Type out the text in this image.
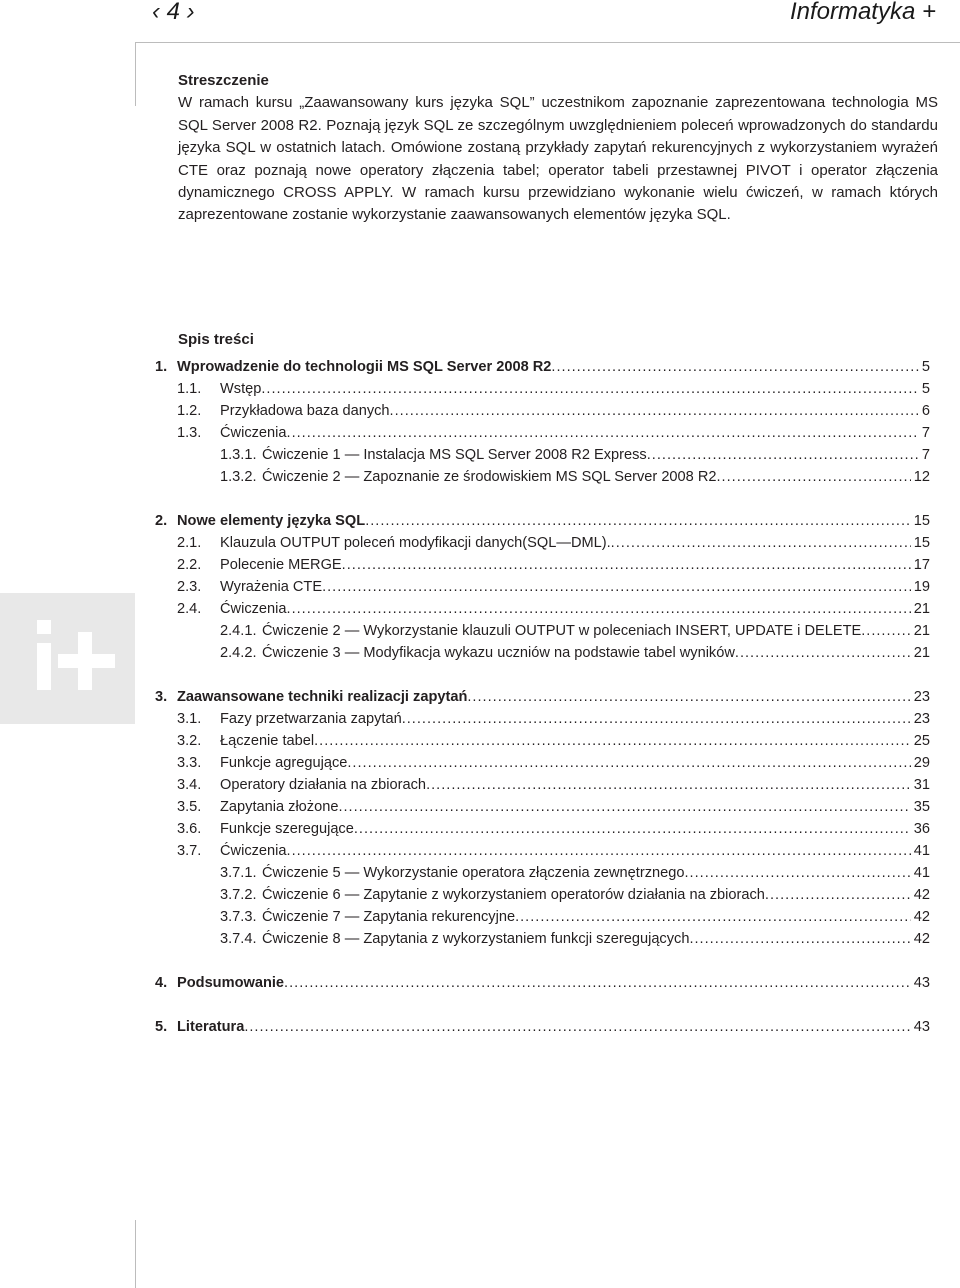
‹ 4 ›	Informatyka +
Streszczenie

W ramach kursu „Zaawansowany kurs języka SQL” uczestnikom zapoznanie zaprezentowana technologia MS SQL Server 2008 R2. Poznają język SQL ze szczególnym uwzględnieniem poleceń wprowadzonych do standardu języka SQL w ostatnich latach. Omówione zostaną przykłady zapytań rekurencyjnych z wykorzystaniem wyrażeń CTE oraz poznają nowe operatory złączenia tabel; operator tabeli przestawnej PIVOT i operator złączenia dynamicznego CROSS APPLY. W ramach kursu przewidziano wykonanie wielu ćwiczeń, w ramach których zaprezentowane zostanie wykorzystanie zaawansowanych elementów języka SQL.

Spis treści
1. Wprowadzenie do technologii MS SQL Server 2008 R2 .....	5
1.1.	Wstęp .....	5
1.2.	Przykładowa baza danych .....	6
1.3.	Ćwiczenia .....	7
1.3.1. Ćwiczenie 1 — Instalacja MS SQL Server 2008 R2 Express .....	7
1.3.2. Ćwiczenie 2 — Zapoznanie ze środowiskiem MS SQL Server 2008 R2 .....	12
2. Nowe elementy języka SQL .....	15
2.1.	Klauzula OUTPUT poleceń modyfikacji danych(SQL—DML). .....	15
2.2.	Polecenie MERGE .....	17
2.3.	Wyrażenia CTE .....	19
2.4.	Ćwiczenia .....	21
2.4.1. Ćwiczenie 2 — Wykorzystanie klauzuli OUTPUT w poleceniach INSERT, UPDATE i DELETE .....	21
2.4.2. Ćwiczenie 3 — Modyfikacja wykazu uczniów na podstawie tabel wyników .....	21
3. Zaawansowane techniki realizacji zapytań .....	23
3.1.	Fazy przetwarzania zapytań .....	23
3.2.	Łączenie tabel .....	25
3.3.	Funkcje agregujące .....	29
3.4.	Operatory działania na zbiorach .....	31
3.5.	Zapytania złożone .....	35
3.6.	Funkcje szeregujące .....	36
3.7.	Ćwiczenia .....	41
3.7.1. Ćwiczenie 5 — Wykorzystanie operatora złączenia zewnętrznego .....	41
3.7.2. Ćwiczenie 6 — Zapytanie z wykorzystaniem operatorów działania na zbiorach .....	42
3.7.3. Ćwiczenie 7 — Zapytania rekurencyjne .....	42
3.7.4. Ćwiczenie 8 — Zapytania z wykorzystaniem funkcji szeregujących .....	42
4. Podsumowanie .....	43
5. Literatura .....	43
